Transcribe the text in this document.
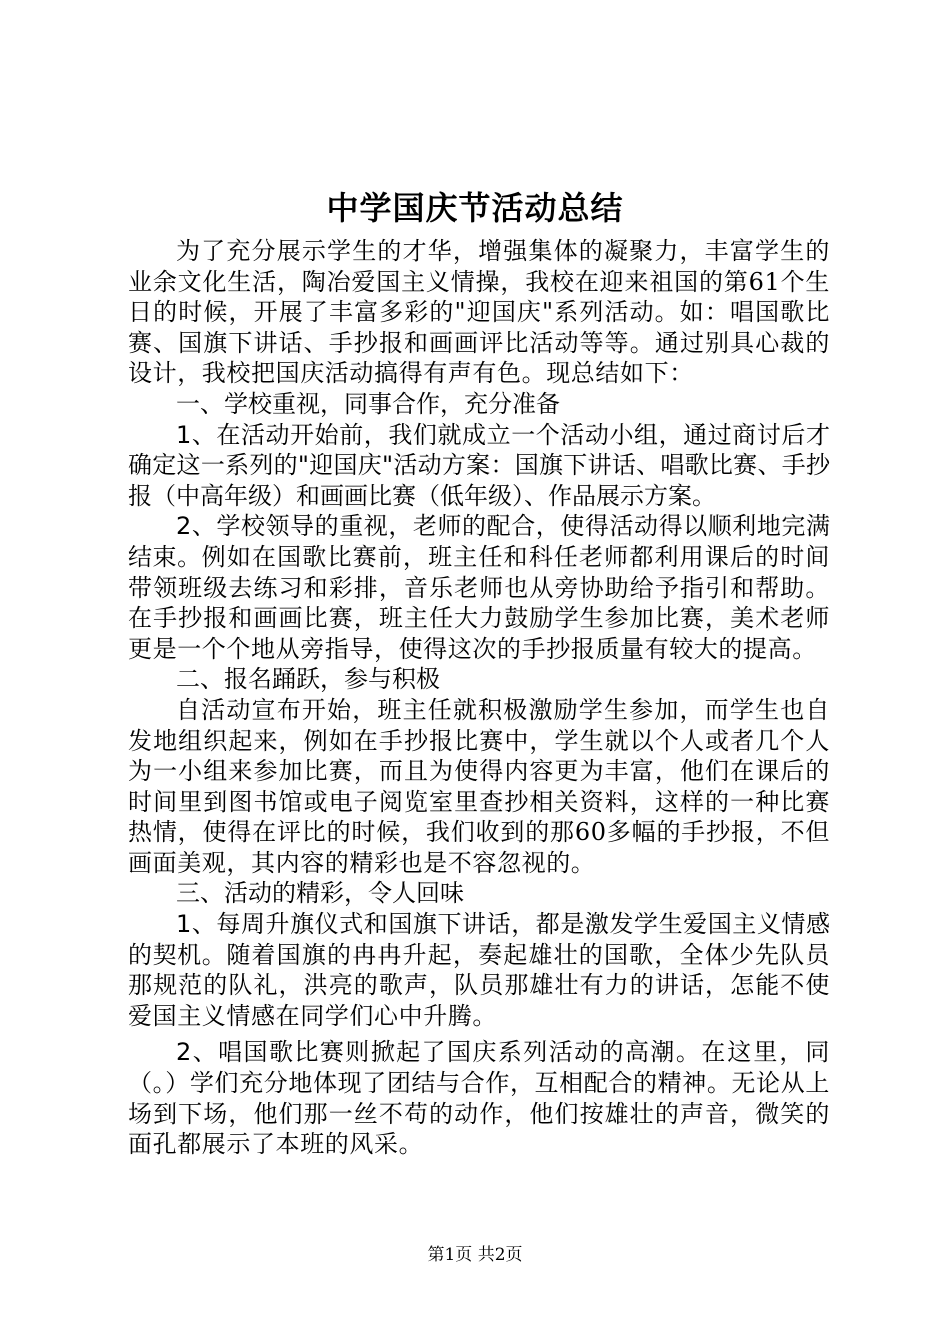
中学国庆节活动总结

为了充分展示学生的才华，增强集体的凝聚力，丰富学生的业余文化生活，陶冶爱国主义情操，我校在迎来祖国的第61个生日的时候，开展了丰富多彩的"迎国庆"系列活动。如：唱国歌比赛、国旗下讲话、手抄报和画画评比活动等等。通过别具心裁的设计，我校把国庆活动搞得有声有色。现总结如下：

一、学校重视，同事合作，充分准备

1、在活动开始前，我们就成立一个活动小组，通过商讨后才确定这一系列的"迎国庆"活动方案：国旗下讲话、唱歌比赛、手抄报（中高年级）和画画比赛（低年级）、作品展示方案。

2、学校领导的重视，老师的配合，使得活动得以顺利地完满结束。例如在国歌比赛前，班主任和科任老师都利用课后的时间带领班级去练习和彩排，音乐老师也从旁协助给予指引和帮助。在手抄报和画画比赛，班主任大力鼓励学生参加比赛，美术老师更是一个个地从旁指导，使得这次的手抄报质量有较大的提高。

二、报名踊跃，参与积极

自活动宣布开始，班主任就积极激励学生参加，而学生也自发地组织起来，例如在手抄报比赛中，学生就以个人或者几个人为一小组来参加比赛，而且为使得内容更为丰富，他们在课后的时间里到图书馆或电子阅览室里查抄相关资料，这样的一种比赛热情，使得在评比的时候，我们收到的那60多幅的手抄报，不但画面美观，其内容的精彩也是不容忽视的。

三、活动的精彩，令人回味

1、每周升旗仪式和国旗下讲话，都是激发学生爱国主义情感的契机。随着国旗的冉冉升起，奏起雄壮的国歌，全体少先队员那规范的队礼，洪亮的歌声，队员那雄壮有力的讲话，怎能不使爱国主义情感在同学们心中升腾。

2、唱国歌比赛则掀起了国庆系列活动的高潮。在这里，同（。）学们充分地体现了团结与合作，互相配合的精神。无论从上场到下场，他们那一丝不苟的动作，他们按雄壮的声音，微笑的面孔都展示了本班的风采。

第1页 共2页
